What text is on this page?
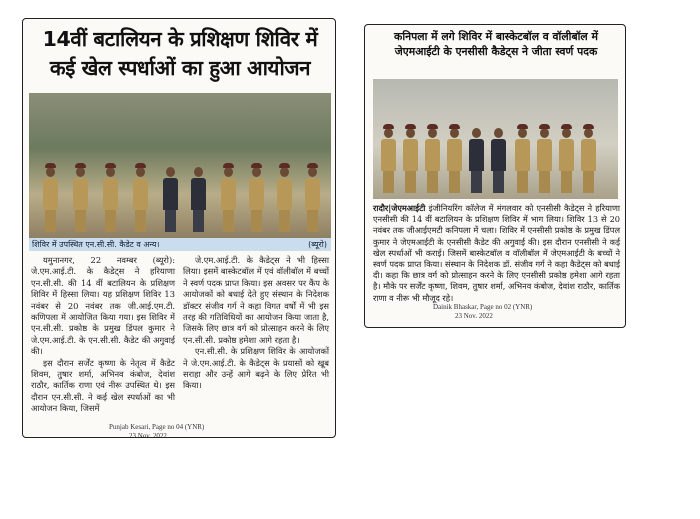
14वीं बटालियन के प्रशिक्षण शिविर में कई खेल स्पर्धाओं का हुआ आयोजन
शिविर में उपस्थित एन.सी.सी. कैडेट व अन्य।	(ब्यूरो)

यमुनानगर, 22 नवम्बर (ब्यूरो): जे.एम.आई.टी. के कैडेट्स ने हरियाणा एन.सी.सी. की 14 वीं बटालियन के प्रशिक्षण शिविर में हिस्सा लिया। यह प्रशिक्षण शिविर 13 नवंबर से 20 नवंबर तक जी.आई.एम.टी. कणिपला में आयोजित किया गया। इस शिविर में एन.सी.सी. प्रकोष्ठ के प्रमुख डिंपल कुमार ने जे.एम.आई.टी. के एन.सी.सी. कैडेट की अगुवाई की।

इस दौरान सर्जेंट कृष्णा के नेतृत्व में कैडेट शिवम, तुषार शर्मा, अभिनव कंबोज, देवांश राठौर, कार्तिक राणा एवं नीरू उपस्थित थे। इस दौरान एन.सी.सी. ने कई खेल स्पर्धाओं का भी आयोजन किया, जिसमें

जे.एम.आई.टी. के कैडेट्स ने भी हिस्सा लिया। इसमें बास्केटबॉल में एवं वॉलीबॉल में बच्चों ने स्वर्ण पदक प्राप्त किया। इस अवसर पर कैंप के आयोजकों को बधाई देते हुए संस्थान के निदेशक डॉक्टर संजीव गर्ग ने कहा विगत वर्षों में भी इस तरह की गतिविधियों का आयोजन किया जाता है, जिसके लिए छात्र वर्ग को प्रोत्साहन करने के लिए एन.सी.सी. प्रकोष्ठ हमेशा आगे रहता है।

एन.सी.सी. के प्रशिक्षण शिविर के आयोजकों ने जे.एम.आई.टी. के कैडेट्स के प्रयासों को खूब सराहा और उन्हें आगे बढ़ने के लिए प्रेरित भी किया।

Punjab Kesari, Page no 04 (YNR)
23 Nov. 2022
कनिपला में लगे शिविर में बास्केटबॉल व वॉलीबॉल में जेएमआईटी के एनसीसी कैडेट्स ने जीता स्वर्ण पदक
रादौर|जेएमआईटी इंजीनियरिंग कॉलेज में मंगलवार को एनसीसी कैडेट्स ने हरियाणा एनसीसी की 14 वीं बटालियन के प्रशिक्षण शिविर में भाग लिया। शिविर 13 से 20 नवंबर तक जीआईएमटी कनिपला में चला। शिविर में एनसीसी प्रकोष्ठ के प्रमुख डिंपल कुमार ने जेएमआईटी के एनसीसी कैडेट की अगुवाई की। इस दौरान एनसीसी ने कई खेल स्पर्धाओं भी कराई। जिसमें बास्केटबॉल व वॉलीबॉल में जेएमआईटी के बच्चों ने स्वर्ण पदक प्राप्त किया। संस्थान के निदेशक डॉ. संजीव गर्ग ने कहा कैडेट्स को बधाई दी। कहा कि छात्र वर्ग को प्रोत्साहन करने के लिए एनसीसी प्रकोष्ठ हमेशा आगे रहता है। मौके पर सर्जेंट कृष्णा, शिवम, तुषार शर्मा, अभिनव कंबोज, देवांश राठौर, कार्तिक राणा व नीरू भी मौजूद रहे।
Dainik Bhaskar, Page no 02 (YNR)
23 Nov. 2022
